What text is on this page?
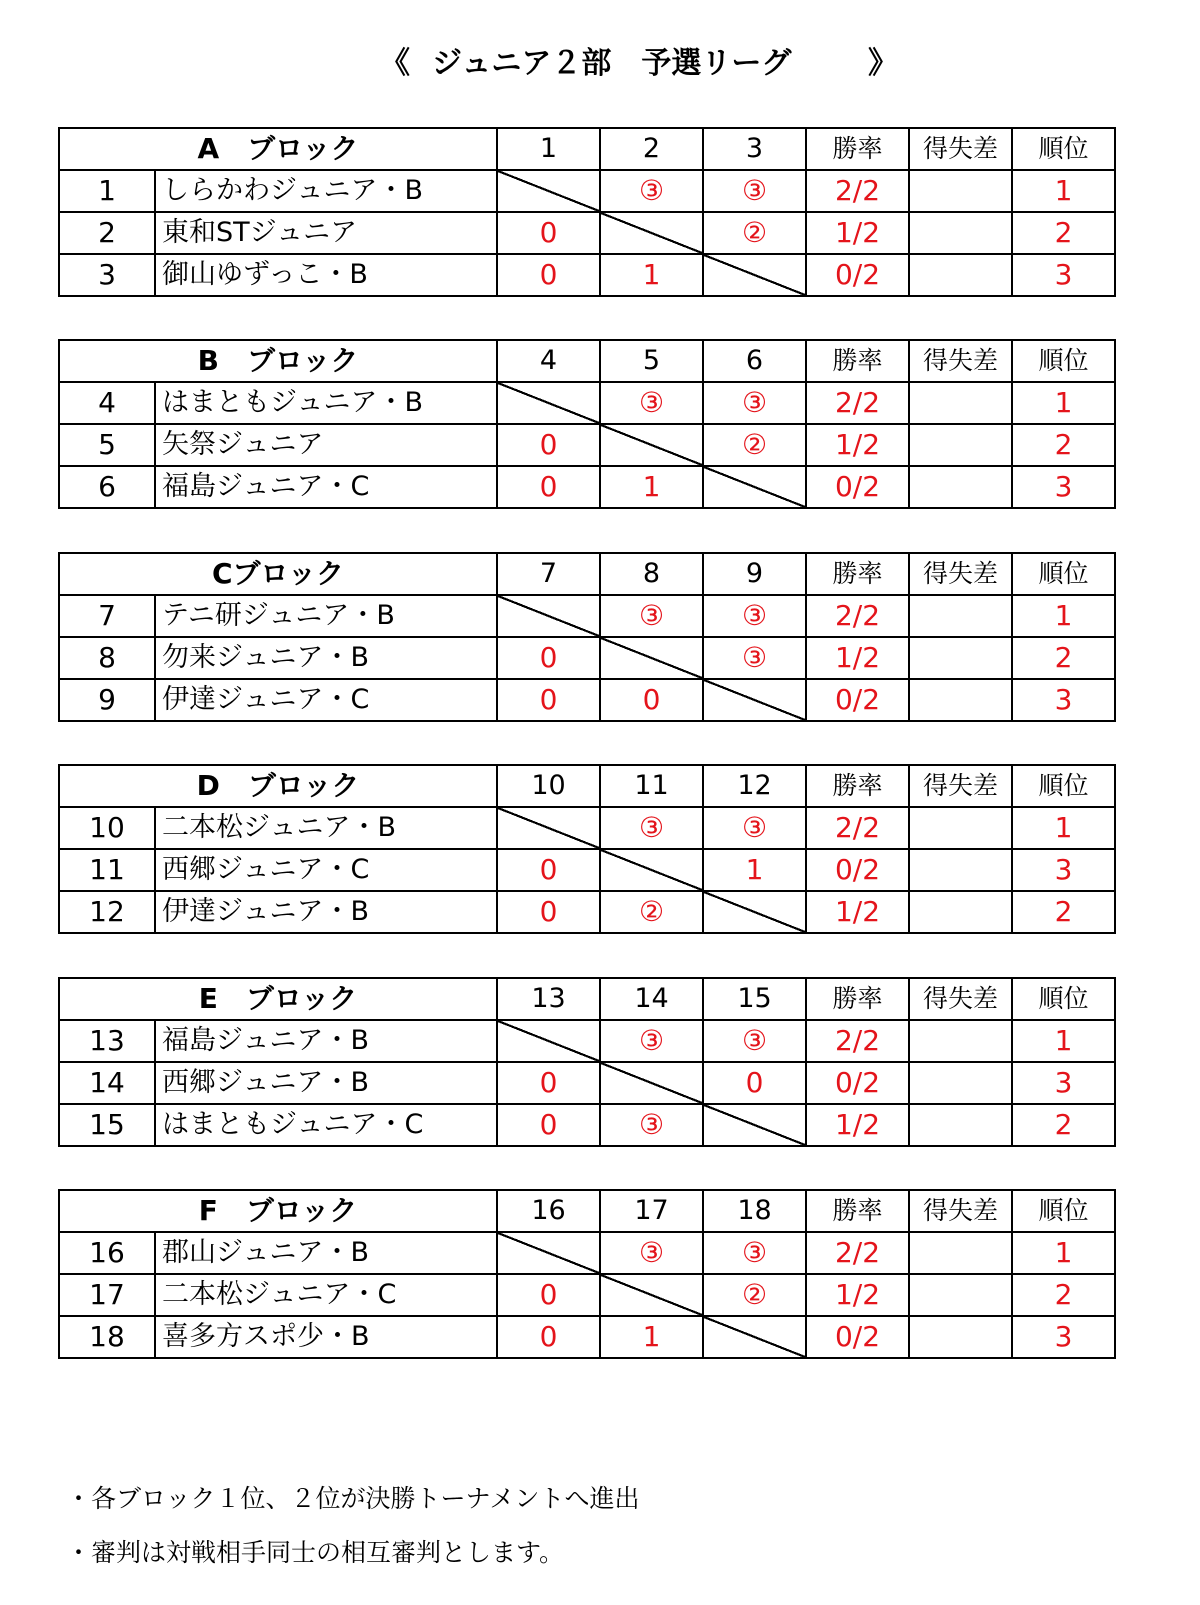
《 ジュニア２部　予選リーグ	》
A　ブロック		1	2	3	勝率	得失差	順位
1	しらかわジュニア・B		③	③	2/2		1
2	東和STジュニア	0		②	1/2		2
3	御山ゆずっこ・B	0	1		0/2		3
B　ブロック		4	5	6	勝率	得失差	順位
4	はまともジュニア・B		③	③	2/2		1
5	矢祭ジュニア	0		②	1/2		2
6	福島ジュニア・C	0	1		0/2		3
Cブロック		7	8	9	勝率	得失差	順位
7	テニ研ジュニア・B		③	③	2/2		1
8	勿来ジュニア・B	0		③	1/2		2
9	伊達ジュニア・C	0	0		0/2		3
D　ブロック		10	11	12	勝率	得失差	順位
10	二本松ジュニア・B		③	③	2/2		1
11	西郷ジュニア・C	0		1	0/2		3
12	伊達ジュニア・B	0	②		1/2		2
E　ブロック		13	14	15	勝率	得失差	順位
13	福島ジュニア・B		③	③	2/2		1
14	西郷ジュニア・B	0		0	0/2		3
15	はまともジュニア・C	0	③		1/2		2
F　ブロック		16	17	18	勝率	得失差	順位
16	郡山ジュニア・B		③	③	2/2		1
17	二本松ジュニア・C	0		②	1/2		2
18	喜多方スポ少・B	0	1		0/2		3
・各ブロック１位、２位が決勝トーナメントへ進出
・審判は対戦相手同士の相互審判とします。
